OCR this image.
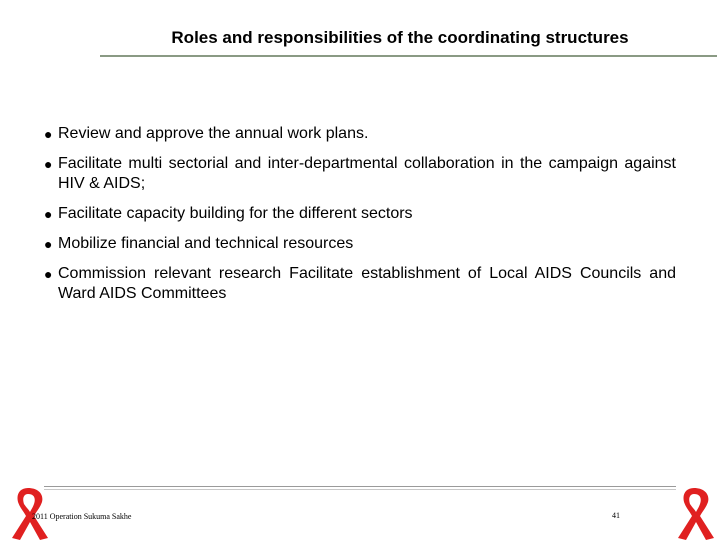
Roles and responsibilities of the coordinating structures
● Review and approve the annual work plans.
● Facilitate multi sectorial and inter-departmental collaboration in the campaign against HIV & AIDS;
● Facilitate capacity building for the different sectors
● Mobilize financial and technical resources
● Commission relevant research Facilitate establishment of Local AIDS Councils and Ward AIDS Committees
2011 Operation Sukuma Sakhe	41
